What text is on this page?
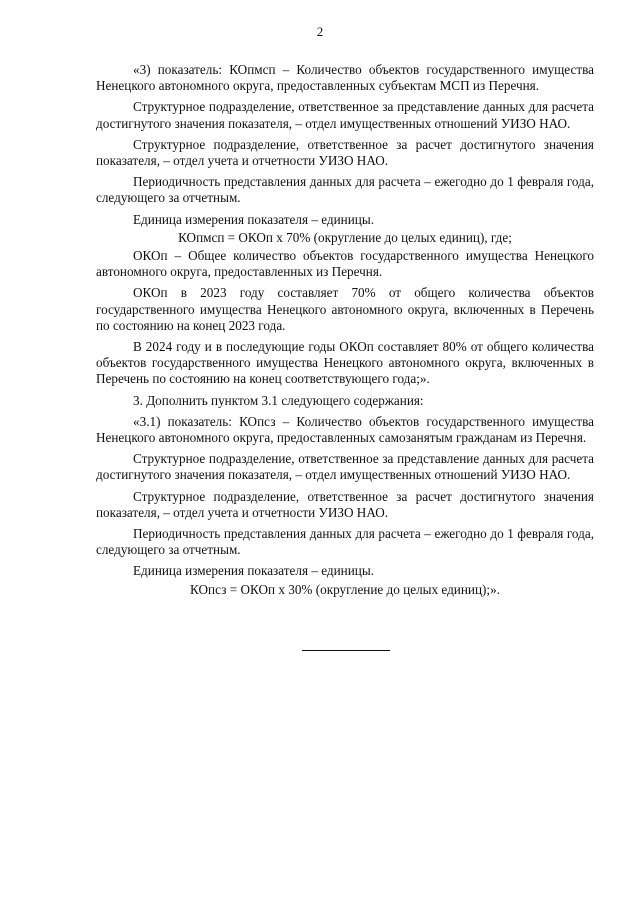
2

«3) показатель: КОпмсп – Количество объектов государственного имущества Ненецкого автономного округа, предоставленных субъектам МСП из Перечня.

Структурное подразделение, ответственное за представление данных для расчета достигнутого значения показателя, – отдел имущественных отношений УИЗО НАО.

Структурное подразделение, ответственное за расчет достигнутого значения показателя, – отдел учета и отчетности УИЗО НАО.

Периодичность представления данных для расчета – ежегодно до 1 февраля года, следующего за отчетным.

Единица измерения показателя – единицы.

КОпмсп = ОКОп х 70% (округление до целых единиц), где;

ОКОп – Общее количество объектов государственного имущества Ненецкого автономного округа, предоставленных из Перечня.

ОКОп в 2023 году составляет 70% от общего количества объектов государственного имущества Ненецкого автономного округа, включенных в Перечень по состоянию на конец 2023 года.

В 2024 году и в последующие годы ОКОп составляет 80% от общего количества объектов государственного имущества Ненецкого автономного округа, включенных в Перечень по состоянию на конец соответствующего года;».

3. Дополнить пунктом 3.1 следующего содержания:

«3.1) показатель: КОпсз – Количество объектов государственного имущества Ненецкого автономного округа, предоставленных самозанятым гражданам из Перечня.

Структурное подразделение, ответственное за представление данных для расчета достигнутого значения показателя, – отдел имущественных отношений УИЗО НАО.

Структурное подразделение, ответственное за расчет достигнутого значения показателя, – отдел учета и отчетности УИЗО НАО.

Периодичность представления данных для расчета – ежегодно до 1 февраля года, следующего за отчетным.

Единица измерения показателя – единицы.

КОпсз = ОКОп х 30% (округление до целых единиц);».
